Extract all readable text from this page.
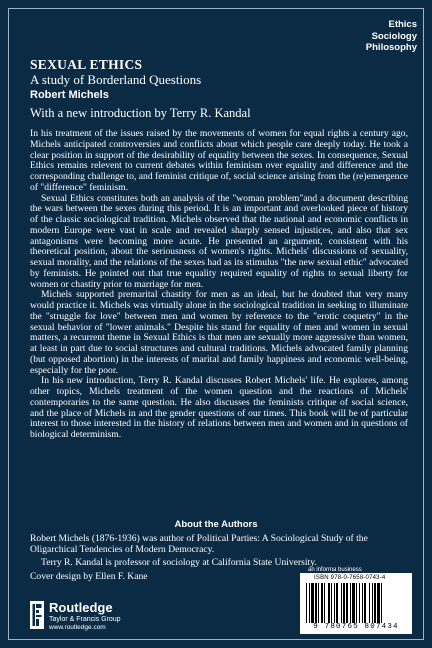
Ethics
Sociology
Philosophy
SEXUAL ETHICS
A study of Borderland Questions
Robert Michels
With a new introduction by Terry R. Kandal

In his treatment of the issues raised by the movements of women for equal rights a century ago, Michels anticipated controversies and conflicts about which people care deeply today. He took a clear position in support of the desirability of equality between the sexes. In consequence, Sexual Ethics remains relevent to current debates within feminism over equality and difference and the corresponding challenge to, and feminist critique of, social science arising from the (re)emergence of "difference" feminism.

Sexual Ethics constitutes both an analysis of the "woman problem"and a document describing the wars between the sexes during this period. It is an important and overlooked piece of history of the classic sociological tradition. Michels observed that the national and economic conflicts in modern Europe were vast in scale and revealed sharply sensed injustices, and also that sex antagonisms were becoming more acute. He presented an argument, consistent with his theoretical position, about the seriousness of women's rights. Michels' discussions of sexuality, sexual morality, and the relations of the sexes had as its stimulus "the new sexual ethic" advocated by feminists. He pointed out that true equality required equality of rights to sexual liberty for women or chastity prior to marriage for men.

Michels supported premarital chastity for men as an ideal, but he doubted that very many would practice it. Michels was virtually alone in the sociological tradition in seeking to illuminate the "struggle for love" between men and women by reference to the "erotic coquetry" in the sexual behavior of "lower animals." Despite his stand for equality of men and women in sexual matters, a recurrent theme in Sexual Ethics is that men are sexually more aggressive than women, at least in part due to social structures and cultural traditions. Michels advocated family planning (but opposed abortion) in the interests of marital and family happiness and economic well-being, especially for the poor.

In his new introduction, Terry R. Kandal discusses Robert Michels' life. He explores, among other topics, Michels treatment of the women question and the reactions of Michels' contemporaries to the same question. He also discusses the feminists critique of social science, and the place of Michels in and the gender questions of our times. This book will be of particular interest to those interested in the history of relations between men and women and in questions of biological determinism.

About the Authors

Robert Michels (1876-1936) was author of Political Parties: A Sociological Study of the Oligarchical Tendencies of Modern Democracy.

Terry R. Kandal is professor of sociology at California State University.

Cover design by Ellen F. Kane
Routledge
Taylor & Francis Group
www.routledge.com
an informa business
ISBN 978-0-7658-0743-4
9 780765 807434
